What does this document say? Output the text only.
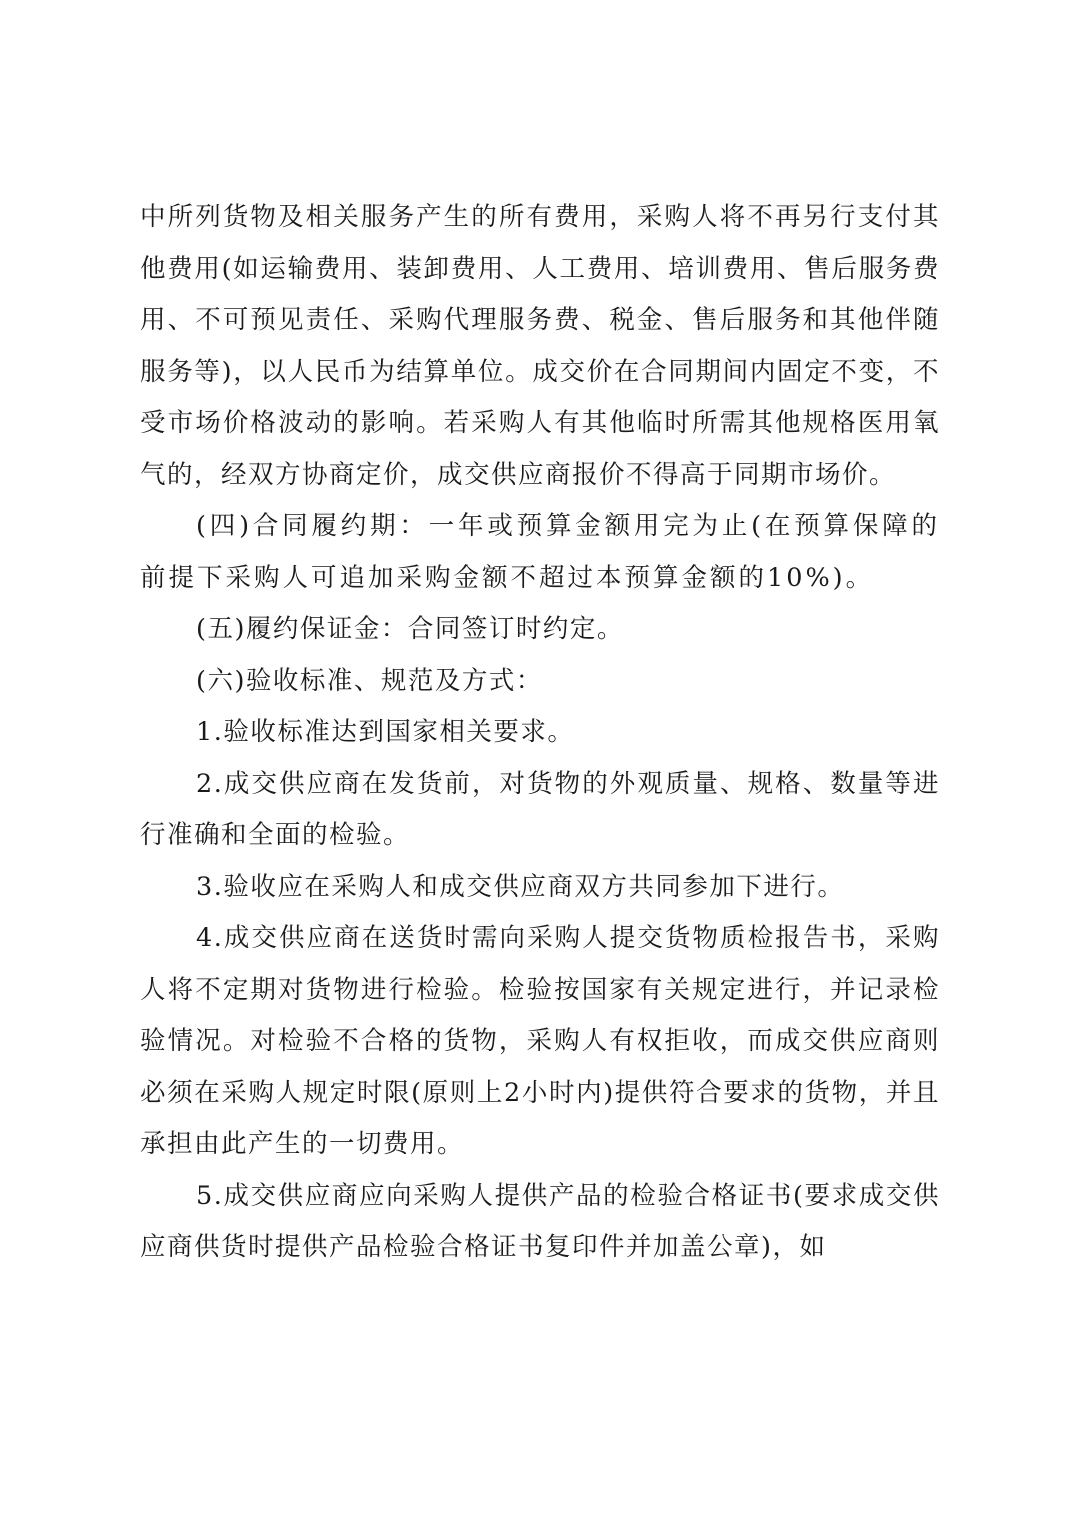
中所列货物及相关服务产生的所有费用，采购人将不再另行支付其他费用(如运输费用、装卸费用、人工费用、培训费用、售后服务费用、不可预见责任、采购代理服务费、税金、售后服务和其他伴随服务等)，以人民币为结算单位。成交价在合同期间内固定不变，不受市场价格波动的影响。若采购人有其他临时所需其他规格医用氧气的，经双方协商定价，成交供应商报价不得高于同期市场价。

(四)合同履约期：一年或预算金额用完为止(在预算保障的前提下采购人可追加采购金额不超过本预算金额的10%)。

(五)履约保证金：合同签订时约定。

(六)验收标准、规范及方式：

1.验收标准达到国家相关要求。

2.成交供应商在发货前，对货物的外观质量、规格、数量等进行准确和全面的检验。

3.验收应在采购人和成交供应商双方共同参加下进行。

4.成交供应商在送货时需向采购人提交货物质检报告书，采购人将不定期对货物进行检验。检验按国家有关规定进行，并记录检验情况。对检验不合格的货物，采购人有权拒收，而成交供应商则必须在采购人规定时限(原则上2小时内)提供符合要求的货物，并且承担由此产生的一切费用。

5.成交供应商应向采购人提供产品的检验合格证书(要求成交供应商供货时提供产品检验合格证书复印件并加盖公章)，如
